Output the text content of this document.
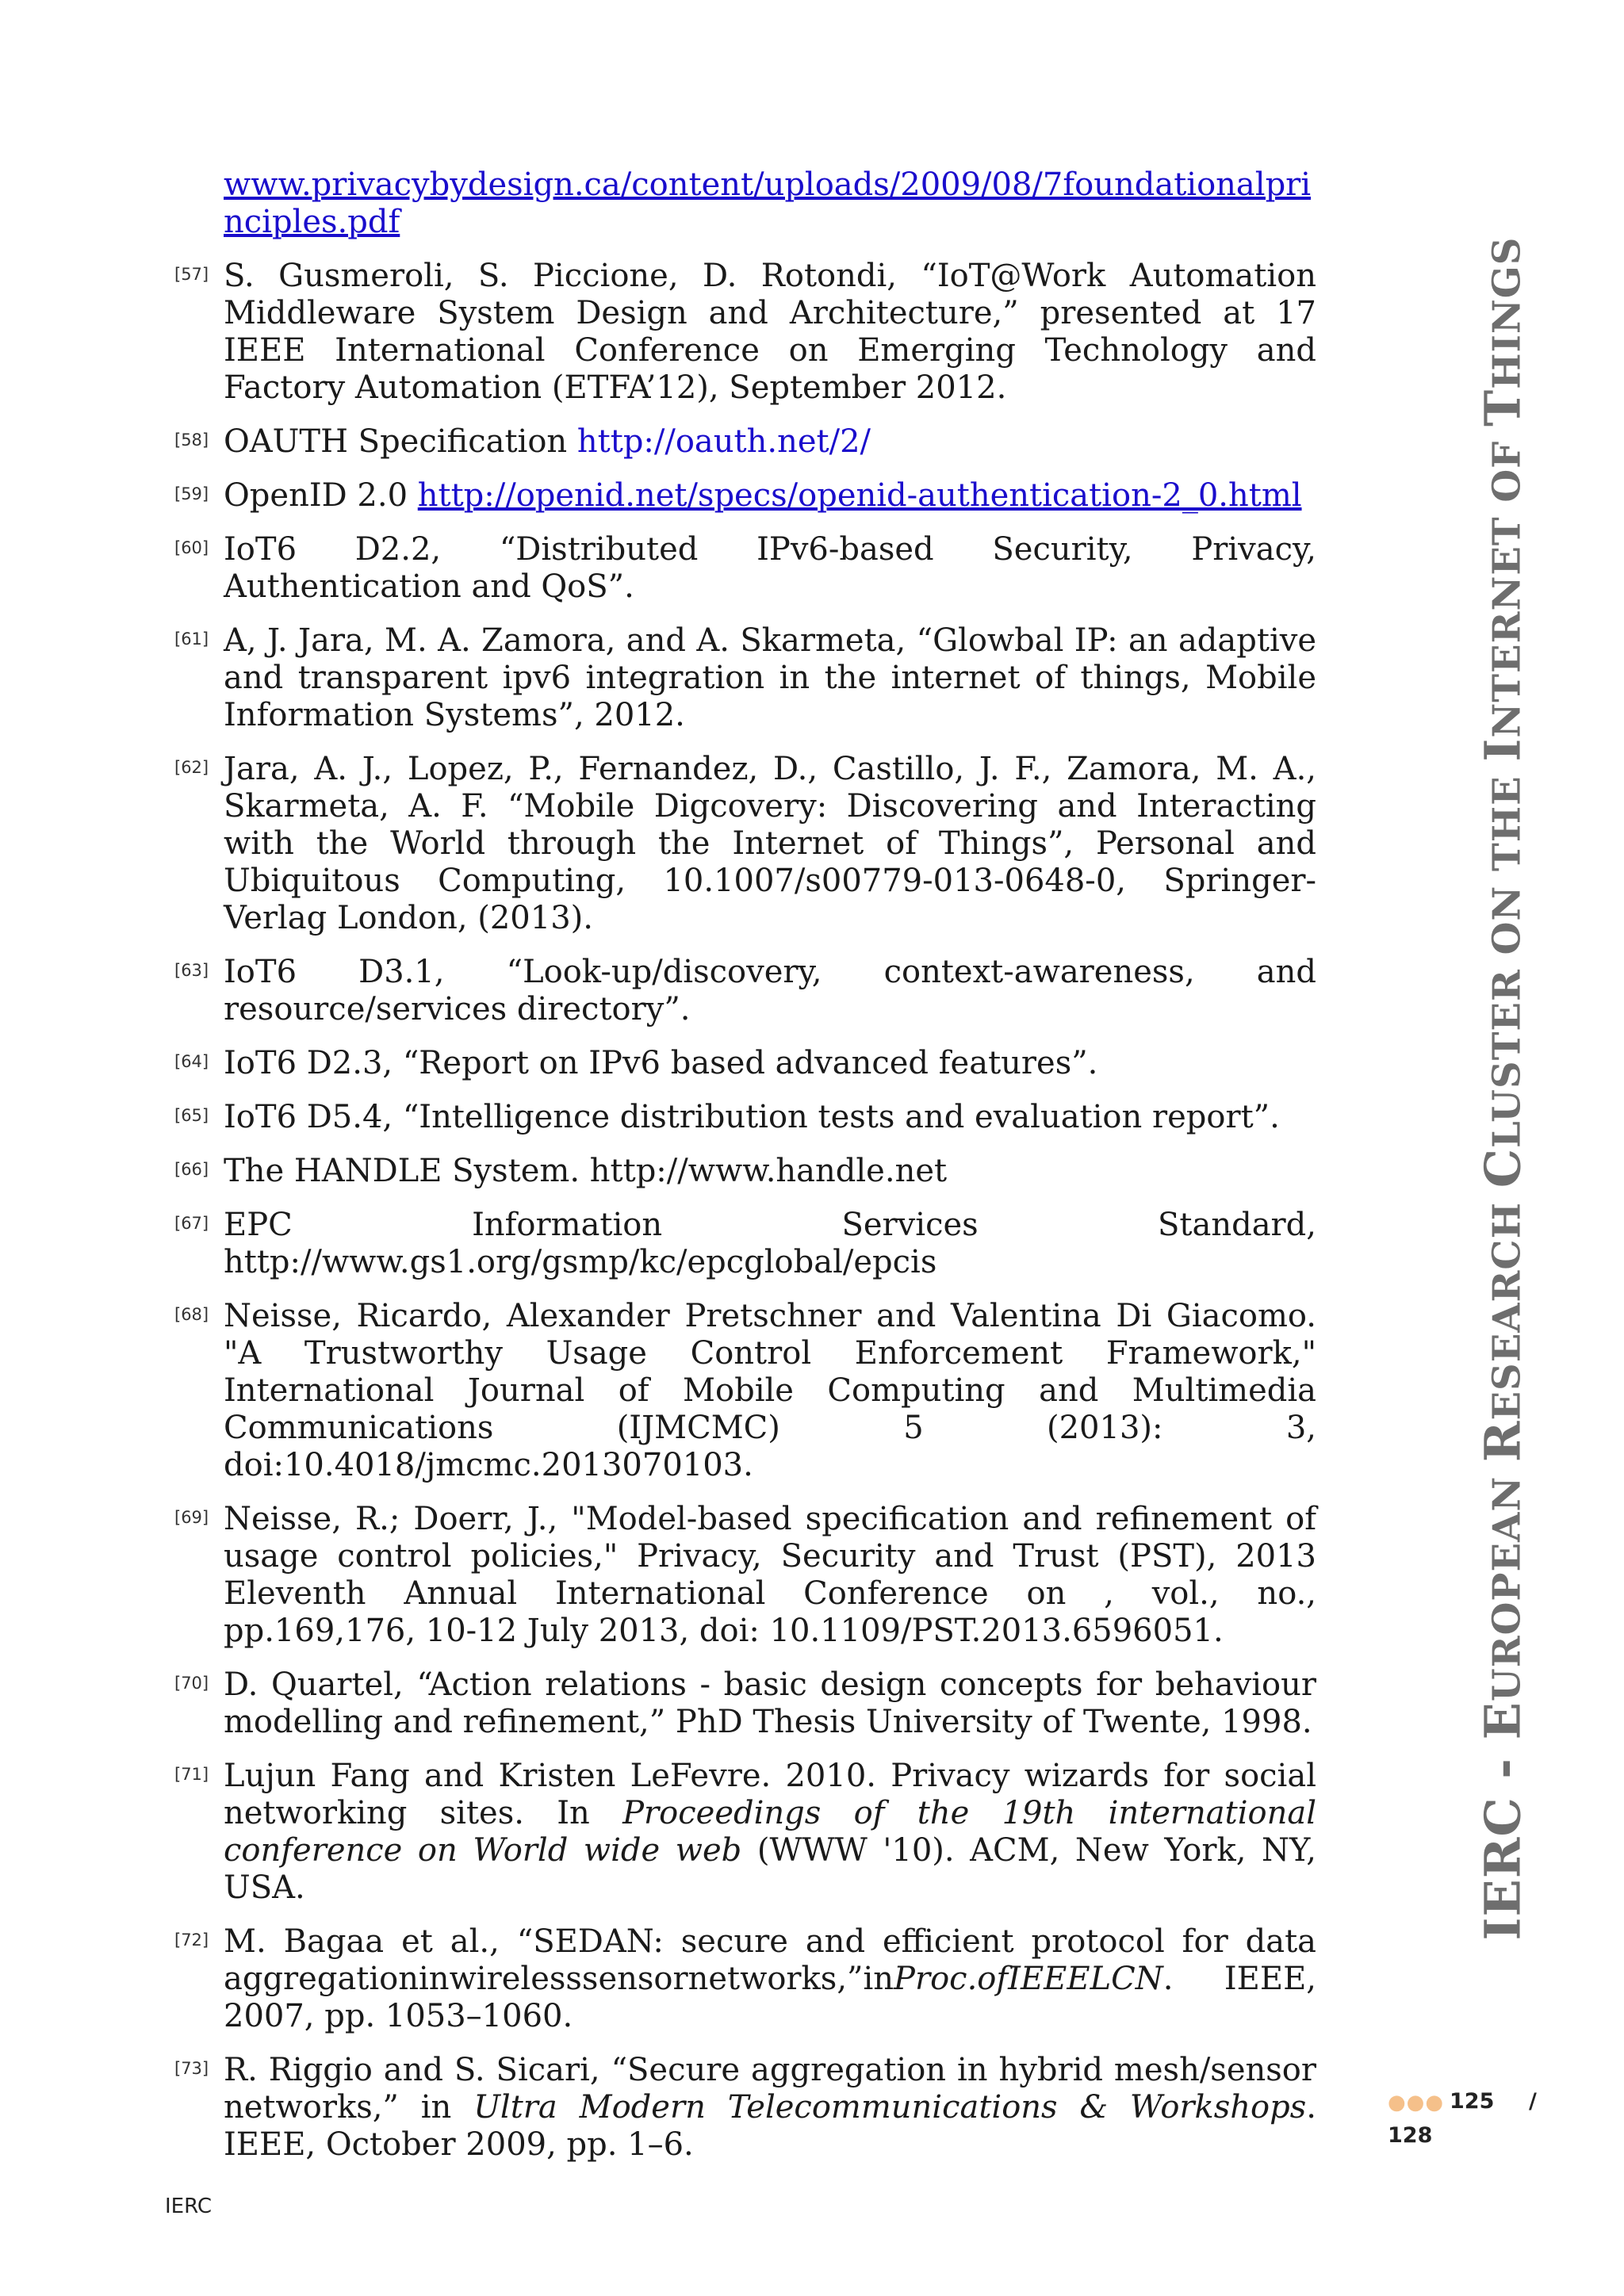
www.privacybydesign.ca/content/uploads/2009/08/7foundationalprinciples.pdf
[57] S. Gusmeroli, S. Piccione, D. Rotondi, “IoT@Work Automation Middleware System Design and Architecture,” presented at 17 IEEE International Conference on Emerging Technology and Factory Automation (ETFA’12), September 2012.
[58] OAUTH Specification http://oauth.net/2/
[59] OpenID 2.0 http://openid.net/specs/openid-authentication-2_0.html
[60] IoT6 D2.2, “Distributed IPv6-based Security, Privacy, Authentication and QoS”.
[61] A, J. Jara, M. A. Zamora, and A. Skarmeta, “Glowbal IP: an adaptive and transparent ipv6 integration in the internet of things, Mobile Information Systems”, 2012.
[62] Jara, A. J., Lopez, P., Fernandez, D., Castillo, J. F., Zamora, M. A., Skarmeta, A. F. “Mobile Digcovery: Discovering and Interacting with the World through the Internet of Things”, Personal and Ubiquitous Computing, 10.1007/s00779-013-0648-0, Springer-Verlag London, (2013).
[63] IoT6 D3.1, “Look-up/discovery, context-awareness, and resource/services directory”.
[64] IoT6 D2.3, “Report on IPv6 based advanced features”.
[65] IoT6 D5.4, “Intelligence distribution tests and evaluation report”.
[66] The HANDLE System. http://www.handle.net
[67] EPC Information Services Standard, http://www.gs1.org/gsmp/kc/epcglobal/epcis
[68] Neisse, Ricardo, Alexander Pretschner and Valentina Di Giacomo. "A Trustworthy Usage Control Enforcement Framework," International Journal of Mobile Computing and Multimedia Communications (IJMCMC) 5 (2013): 3, doi:10.4018/jmcmc.2013070103.
[69] Neisse, R.; Doerr, J., "Model-based specification and refinement of usage control policies," Privacy, Security and Trust (PST), 2013 Eleventh Annual International Conference on , vol., no., pp.169,176, 10-12 July 2013, doi: 10.1109/PST.2013.6596051.
[70] D. Quartel, “Action relations - basic design concepts for behaviour modelling and refinement,” PhD Thesis University of Twente, 1998.
[71] Lujun Fang and Kristen LeFevre. 2010. Privacy wizards for social networking sites. In Proceedings of the 19th international conference on World wide web (WWW '10). ACM, New York, NY, USA.
[72] M. Bagaa et al., “SEDAN: secure and efficient protocol for data aggregationinwirelesssensornetworks,”inProc.ofIEEELCN. IEEE, 2007, pp. 1053–1060.
[73] R. Riggio and S. Sicari, “Secure aggregation in hybrid mesh/sensor networks,” in Ultra Modern Telecommunications & Workshops. IEEE, October 2009, pp. 1–6.
IERC - EUROPEAN RESEARCH CLUSTER ON THE INTERNET OF THINGS
●●● 125 /
128
IERC
